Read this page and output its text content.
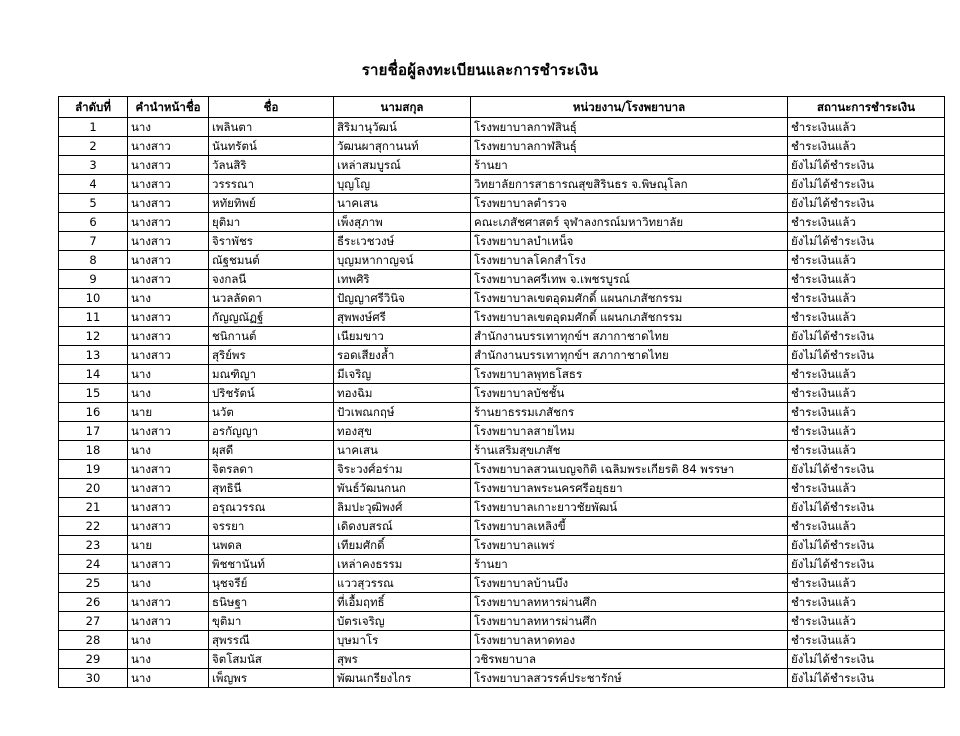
รายชื่อผู้ลงทะเบียนและการชำระเงิน
ลำดับที่	คำนำหน้าชื่อ	ชื่อ	นามสกุล	หน่วยงาน/โรงพยาบาล	สถานะการชำระเงิน
1	นาง	เพลินตา	สิริมานุวัฒน์	โรงพยาบาลกาฬสินธุ์	ชำระเงินแล้ว
2	นางสาว	นันทรัตน์	วัฒนผาสุกานนท์	โรงพยาบาลกาฬสินธุ์	ชำระเงินแล้ว
3	นางสาว	วัลนสิริ	เหล่าสมบูรณ์	ร้านยา	ยังไม่ได้ชำระเงิน
4	นางสาว	วรรรณา	บุญโญ	วิทยาลัยการสาธารณสุขสิรินธร จ.พิษณุโลก	ยังไม่ได้ชำระเงิน
5	นางสาว	หทัยทิพย์	นาคเสน	โรงพยาบาลตำรวจ	ยังไม่ได้ชำระเงิน
6	นางสาว	ยุติมา	เพ็งสุภาพ	คณะเภสัชศาสตร์ จุฬาลงกรณ์มหาวิทยาลัย	ชำระเงินแล้ว
7	นางสาว	จิราพัชร	ธีระเวชวงษ์	โรงพยาบาลบำเหน็จ	ยังไม่ได้ชำระเงิน
8	นางสาว	ณัฐชมนต์	บุญมหากาญจน์	โรงพยาบาลโคกสำโรง	ชำระเงินแล้ว
9	นางสาว	จงกลนี	เทพศิริ	โรงพยาบาลศรีเทพ จ.เพชรบูรณ์	ชำระเงินแล้ว
10	นาง	นวลลัดดา	ปัญญาศรีวินิจ	โรงพยาบาลเขตอุดมศักดิ์ แผนกเภสัชกรรม	ชำระเงินแล้ว
11	นางสาว	กัญญณัฏฐ์	สุพพงษ์ศรี	โรงพยาบาลเขตอุดมศักดิ์ แผนกเภสัชกรรม	ชำระเงินแล้ว
12	นางสาว	ชนิกานต์	เนียมขาว	สำนักงานบรรเทาทุกข์ฯ สภากาชาดไทย	ยังไม่ได้ชำระเงิน
13	นางสาว	สุริย์พร	รอดเสียงล้ำ	สำนักงานบรรเทาทุกข์ฯ สภากาชาดไทย	ยังไม่ได้ชำระเงิน
14	นาง	มณฑิญา	มีเจริญ	โรงพยาบาลพุทธโสธร	ชำระเงินแล้ว
15	นาง	ปริชรัตน์	ทองฉิม	โรงพยาบาลบัชชั้น	ชำระเงินแล้ว
16	นาย	นวัต	ปัวเพณกฤษ์	ร้านยาธรรมเภสัชกร	ชำระเงินแล้ว
17	นางสาว	อรกัญญา	ทองสุข	โรงพยาบาลสายไหม	ชำระเงินแล้ว
18	นาง	ผุสดี	นาคเสน	ร้านเสริมสุขเภสัช	ชำระเงินแล้ว
19	นางสาว	จิตรลดา	จิระวงศ์อร่าม	โรงพยาบาลสวนเบญจกิติ เฉลิมพระเกียรติ 84 พรรษา	ยังไม่ได้ชำระเงิน
20	นางสาว	สุทธินี	พันธ์วัฒนกนก	โรงพยาบาลพระนครศรีอยุธยา	ชำระเงินแล้ว
21	นางสาว	อรุณวรรณ	ลิมปะวุฒิพงศ์	โรงพยาบาลเกาะยาวชัยพัฒน์	ยังไม่ได้ชำระเงิน
22	นางสาว	จรรยา	เดิดงบสรณ์	โรงพยาบาลเหลิงขี้	ชำระเงินแล้ว
23	นาย	นพดล	เทียมศักดิ์	โรงพยาบาลแพร่	ยังไม่ได้ชำระเงิน
24	นางสาว	พิชชานันท์	เหล่าคงธรรม	ร้านยา	ยังไม่ได้ชำระเงิน
25	นาง	นุชจรีย์	แววสุวรรณ	โรงพยาบาลบ้านบึง	ชำระเงินแล้ว
26	นางสาว	ธนิษฐา	ที่เอื้มฤทธิ์	โรงพยาบาลทหารผ่านศึก	ชำระเงินแล้ว
27	นางสาว	ขุติมา	บัตรเจริญ	โรงพยาบาลทหารผ่านศึก	ชำระเงินแล้ว
28	นาง	สุพรรณี	บุษมาโร	โรงพยาบาลหาดทอง	ชำระเงินแล้ว
29	นาง	จิตโสมนัส	สุพร	วชิรพยาบาล	ยังไม่ได้ชำระเงิน
30	นาง	เพ็ญพร	พัฒนเกรียงไกร	โรงพยาบาลสวรรค์ประชารักษ์	ยังไม่ได้ชำระเงิน
